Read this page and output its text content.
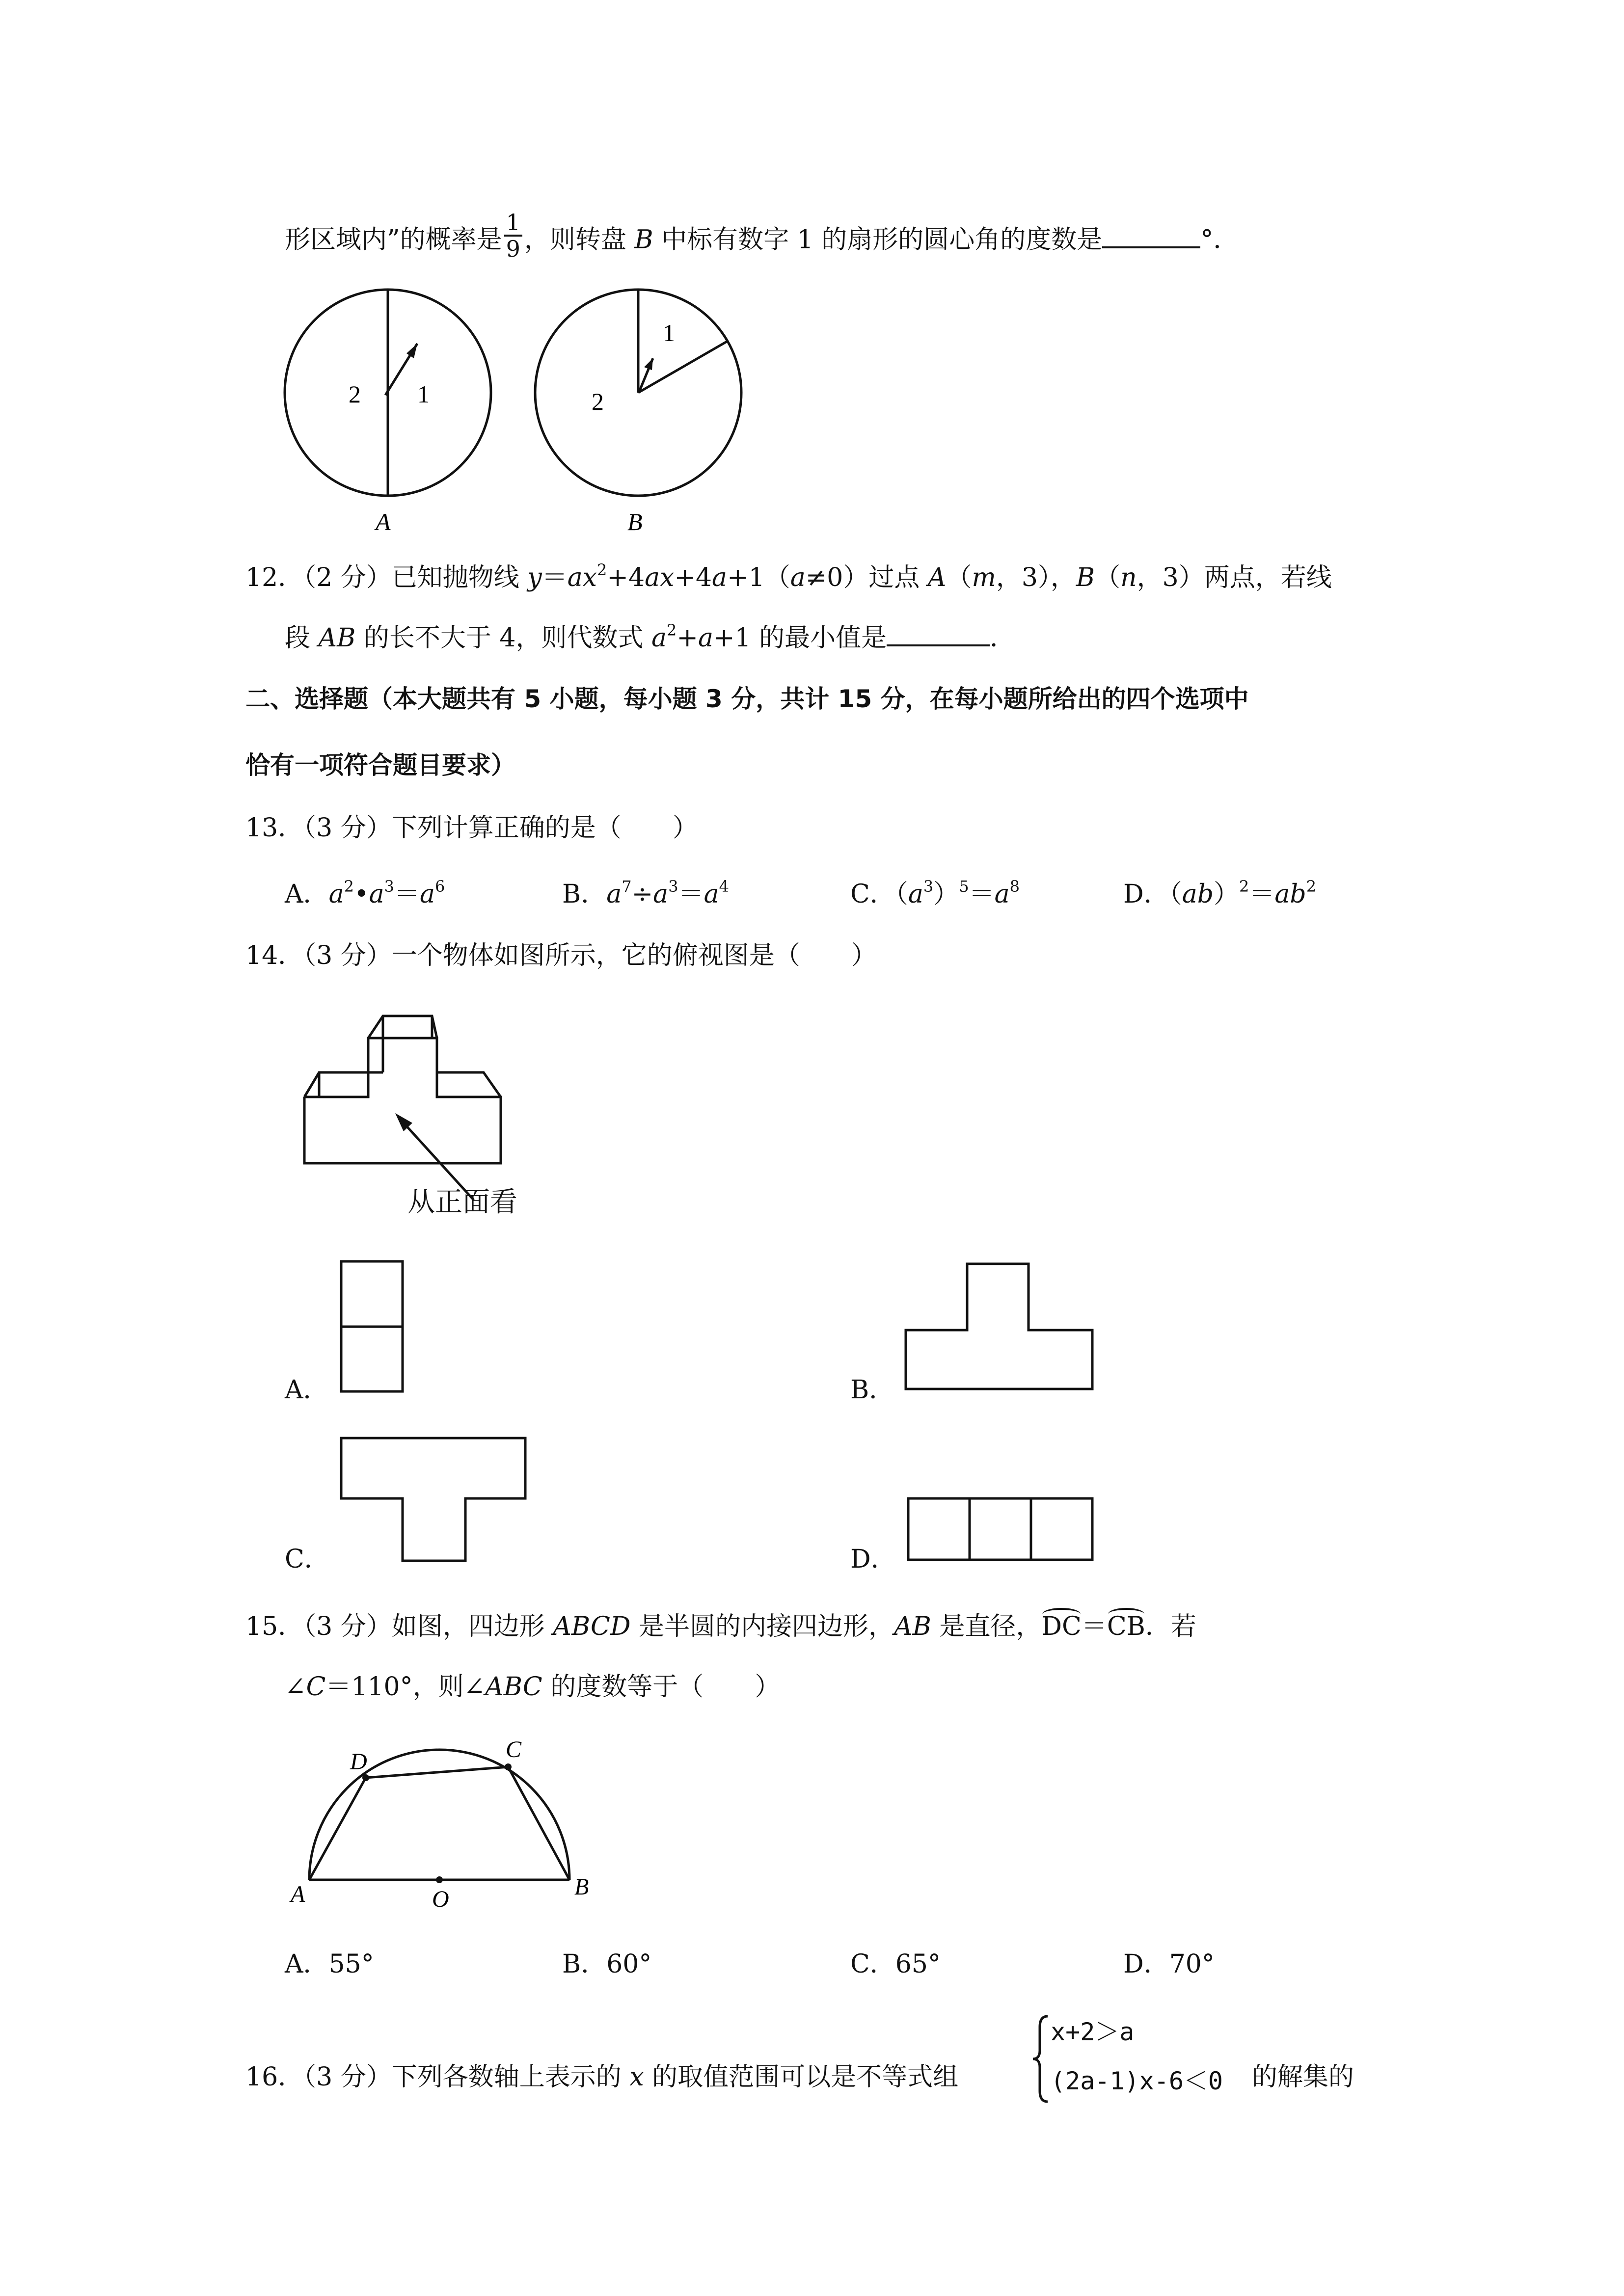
形区域内”的概率是 $\frac{1}{9}$ ，则转盘 B 中标有数字 1 的扇形的圆心角的度数是	°．
2 1
A
1
2
B
12．（2 分）已知抛物线 $y=ax^2+4ax+4a+1(a\ne 0)$过点 A（m，3），B（n，3）两点，若线
段 AB 的长不大于 4，则代数式 $a^2+a+1$ 的最小值是	．
二、选择题（本大题共有 5 小题，每小题 3 分，共计 15 分，在每小题所给出的四个选项中
恰有一项符合题目要求）
13．（3 分）下列计算正确的是（　　）
A．$a^2•a^3=a^6$	B．$a^7\div a^3=a^4$	C．$(a^3)^5=a^8$	D．$(ab)^2=ab^2$
14．（3 分）一个物体如图所示，它的俯视图是（　　）
从正面看
A．	B．
C．	D．
15．（3 分）如图，四边形 ABCD 是半圆的内接四边形，AB 是直径，DC＝CB．若
∠C＝110°，则∠ABC 的度数等于（　　）
D	C
A	O	B
A．55°	B．60°	C．65°	D．70°
16．（3 分）下列各数轴上表示的 x 的取值范围可以是不等式组
x+2＞a
(2a-1)x-6＜0 的解集的
